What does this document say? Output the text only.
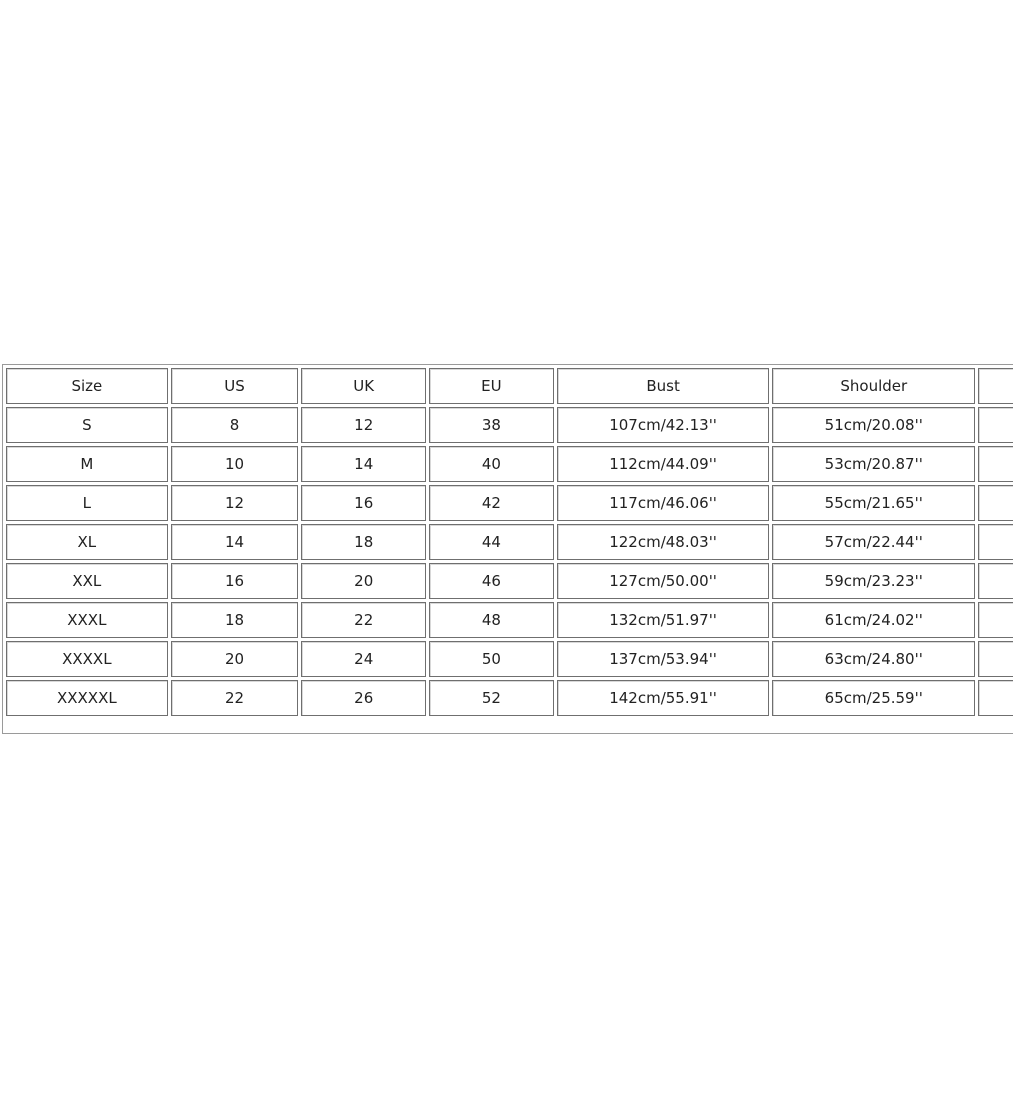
Size	US	UK	EU	Bust	Shoulder	
S	8	12	38	107cm/42.13''	51cm/20.08''	
M	10	14	40	112cm/44.09''	53cm/20.87''	
L	12	16	42	117cm/46.06''	55cm/21.65''	
XL	14	18	44	122cm/48.03''	57cm/22.44''	
XXL	16	20	46	127cm/50.00''	59cm/23.23''	
XXXL	18	22	48	132cm/51.97''	61cm/24.02''	
XXXXL	20	24	50	137cm/53.94''	63cm/24.80''	
XXXXXL	22	26	52	142cm/55.91''	65cm/25.59''	
